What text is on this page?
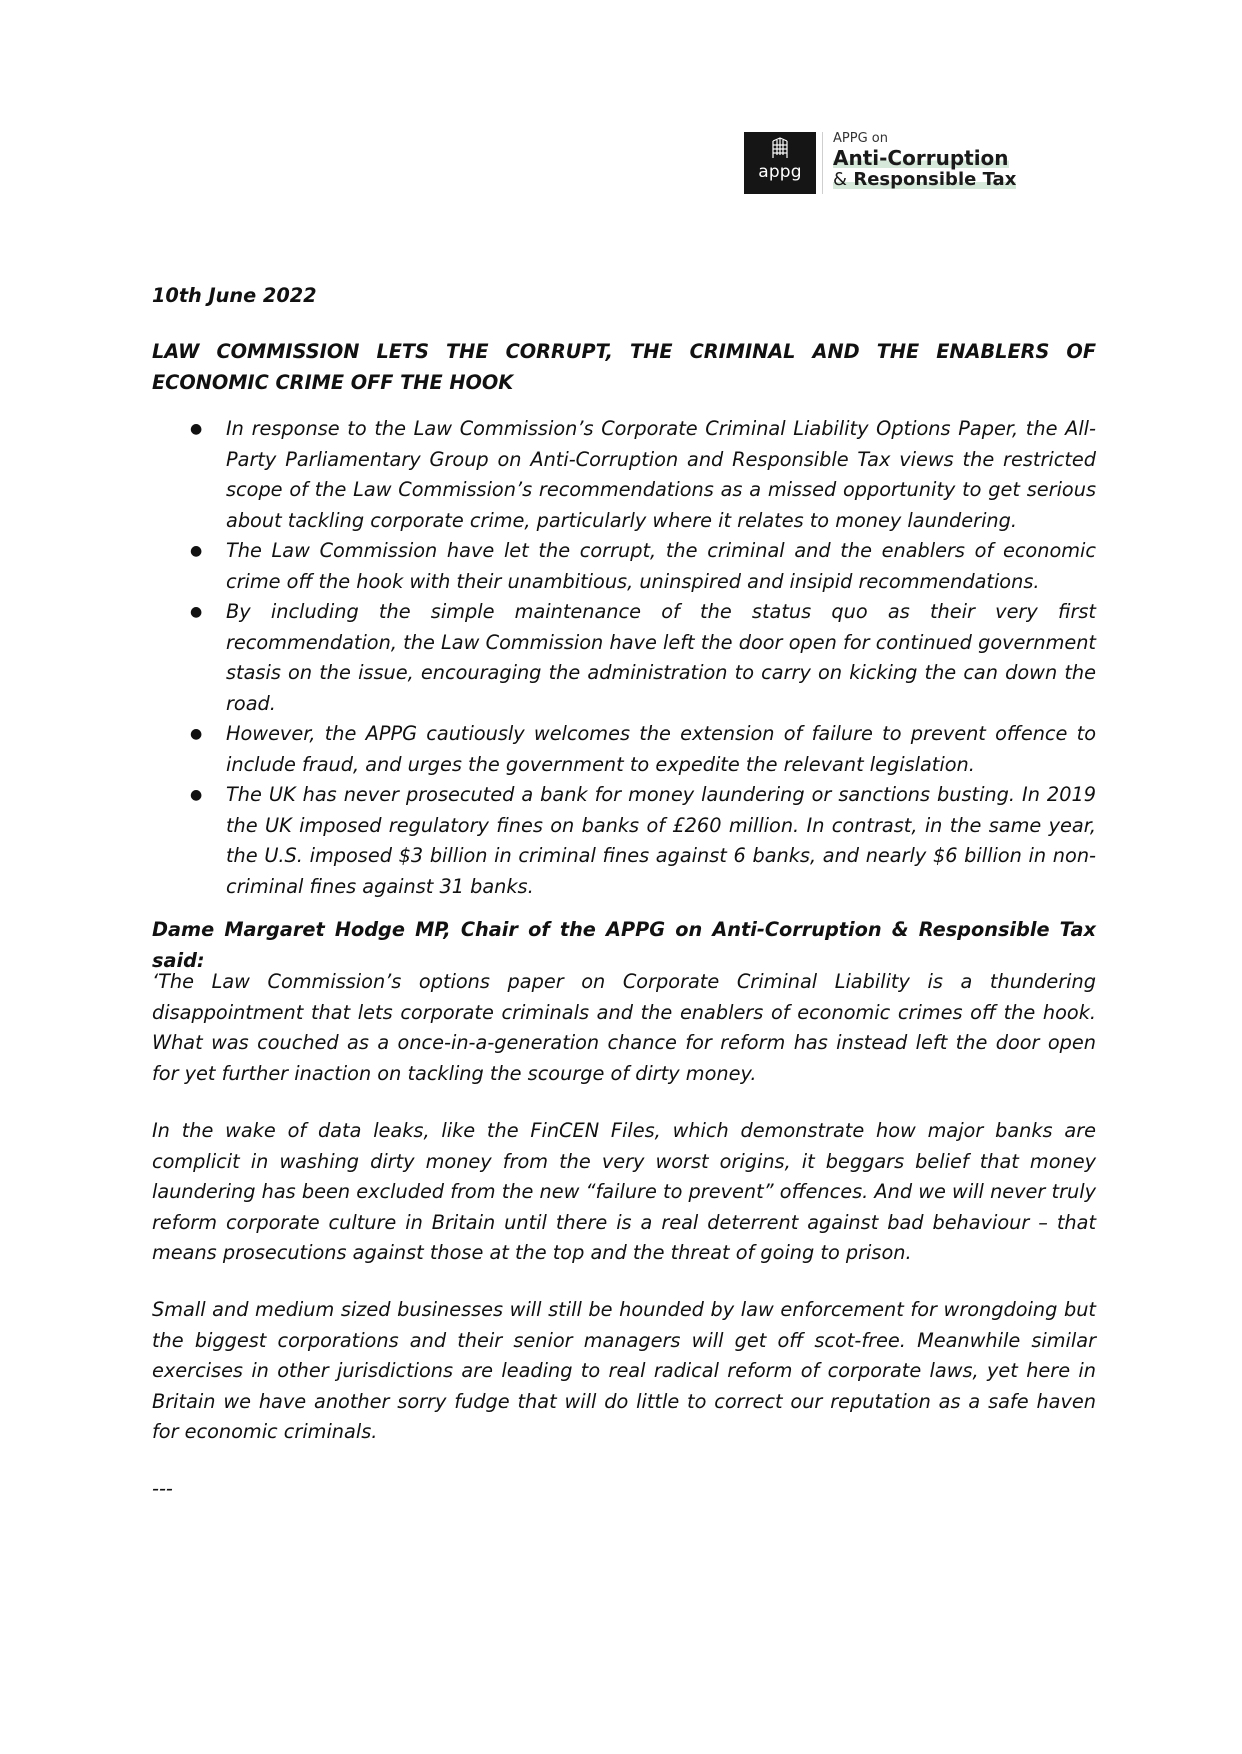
appg
APPG on
Anti-Corruption
& Responsible Tax
10th June 2022
LAW COMMISSION LETS THE CORRUPT, THE CRIMINAL AND THE ENABLERS OF ECONOMIC CRIME OFF THE HOOK
● In response to the Law Commission’s Corporate Criminal Liability Options Paper, the All-Party Parliamentary Group on Anti-Corruption and Responsible Tax views the restricted scope of the Law Commission’s recommendations as a missed opportunity to get serious about tackling corporate crime, particularly where it relates to money laundering.
● The Law Commission have let the corrupt, the criminal and the enablers of economic crime off the hook with their unambitious, uninspired and insipid recommendations.
● By including the simple maintenance of the status quo as their very first recommendation, the Law Commission have left the door open for continued government stasis on the issue, encouraging the administration to carry on kicking the can down the road.
● However, the APPG cautiously welcomes the extension of failure to prevent offence to include fraud, and urges the government to expedite the relevant legislation.
● The UK has never prosecuted a bank for money laundering or sanctions busting. In 2019 the UK imposed regulatory fines on banks of £260 million. In contrast, in the same year, the U.S. imposed $3 billion in criminal fines against 6 banks, and nearly $6 billion in non-criminal fines against 31 banks.
Dame Margaret Hodge MP, Chair of the APPG on Anti-Corruption & Responsible Tax said:
‘The Law Commission’s options paper on Corporate Criminal Liability is a thundering disappointment that lets corporate criminals and the enablers of economic crimes off the hook. What was couched as a once-in-a-generation chance for reform has instead left the door open for yet further inaction on tackling the scourge of dirty money.
In the wake of data leaks, like the FinCEN Files, which demonstrate how major banks are complicit in washing dirty money from the very worst origins, it beggars belief that money laundering has been excluded from the new “failure to prevent” offences. And we will never truly reform corporate culture in Britain until there is a real deterrent against bad behaviour – that means prosecutions against those at the top and the threat of going to prison.
Small and medium sized businesses will still be hounded by law enforcement for wrongdoing but the biggest corporations and their senior managers will get off scot-free. Meanwhile similar exercises in other jurisdictions are leading to real radical reform of corporate laws, yet here in Britain we have another sorry fudge that will do little to correct our reputation as a safe haven for economic criminals.
---
